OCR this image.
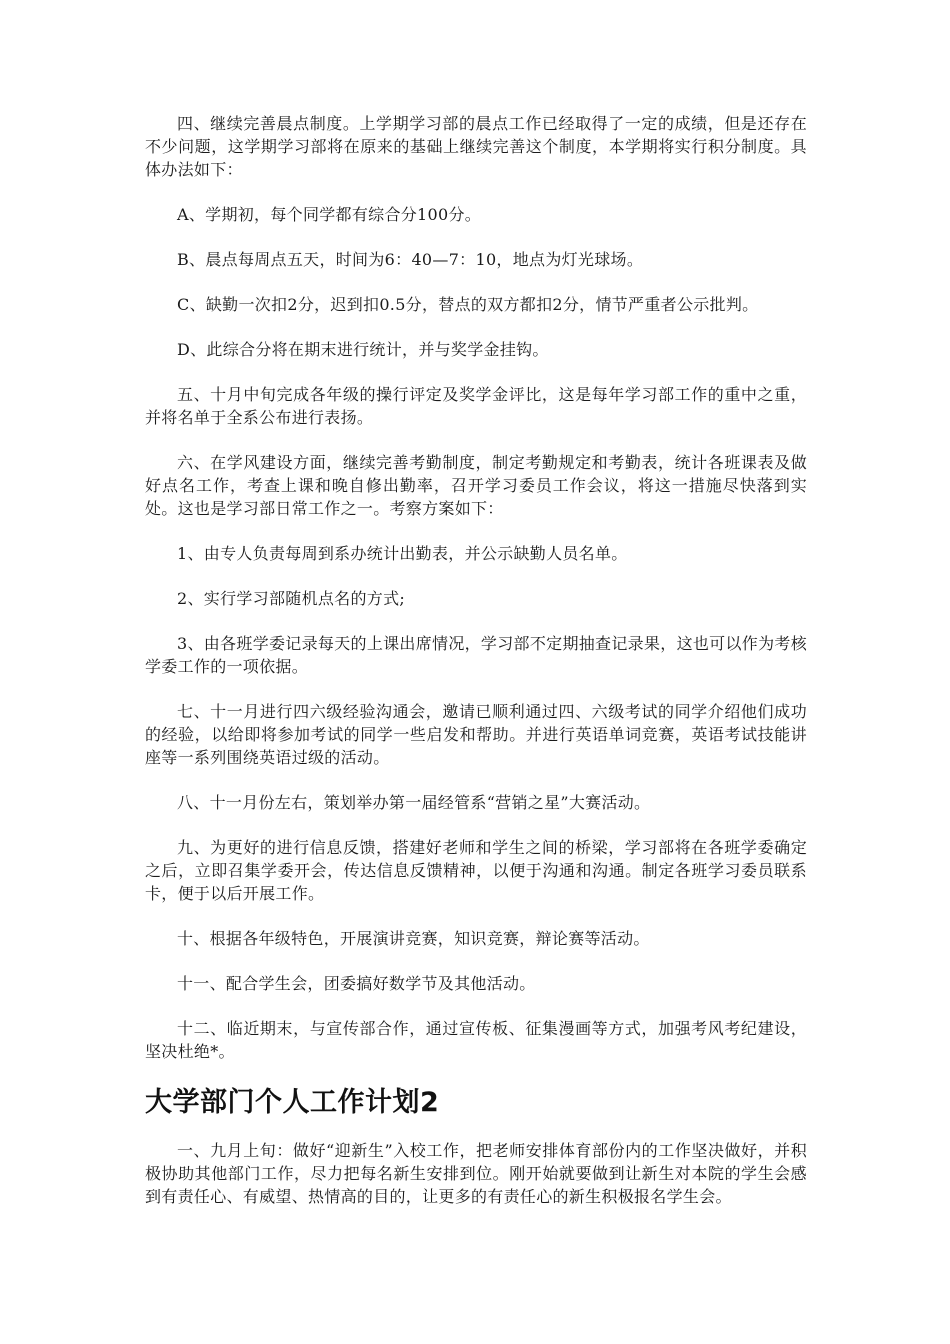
四、继续完善晨点制度。上学期学习部的晨点工作已经取得了一定的成绩，但是还存在不少问题，这学期学习部将在原来的基础上继续完善这个制度，本学期将实行积分制度。具体办法如下：

A、学期初，每个同学都有综合分100分。

B、晨点每周点五天，时间为6：40—7：10，地点为灯光球场。

C、缺勤一次扣2分，迟到扣0.5分，替点的双方都扣2分，情节严重者公示批判。

D、此综合分将在期末进行统计，并与奖学金挂钩。

五、十月中旬完成各年级的操行评定及奖学金评比，这是每年学习部工作的重中之重，并将名单于全系公布进行表扬。

六、在学风建设方面，继续完善考勤制度，制定考勤规定和考勤表，统计各班课表及做好点名工作，考查上课和晚自修出勤率，召开学习委员工作会议，将这一措施尽快落到实处。这也是学习部日常工作之一。考察方案如下：

1、由专人负责每周到系办统计出勤表，并公示缺勤人员名单。

2、实行学习部随机点名的方式;

3、由各班学委记录每天的上课出席情况，学习部不定期抽查记录果，这也可以作为考核学委工作的一项依据。

七、十一月进行四六级经验沟通会，邀请已顺利通过四、六级考试的同学介绍他们成功的经验，以给即将参加考试的同学一些启发和帮助。并进行英语单词竞赛，英语考试技能讲座等一系列围绕英语过级的活动。

八、十一月份左右，策划举办第一届经管系“营销之星”大赛活动。

九、为更好的进行信息反馈，搭建好老师和学生之间的桥梁，学习部将在各班学委确定之后，立即召集学委开会，传达信息反馈精神，以便于沟通和沟通。制定各班学习委员联系卡，便于以后开展工作。

十、根据各年级特色，开展演讲竞赛，知识竞赛，辩论赛等活动。

十一、配合学生会，团委搞好数学节及其他活动。

十二、临近期末，与宣传部合作，通过宣传板、征集漫画等方式，加强考风考纪建设，坚决杜绝*。

大学部门个人工作计划2

一、九月上旬：做好“迎新生”入校工作，把老师安排体育部份内的工作坚决做好，并积极协助其他部门工作，尽力把每名新生安排到位。刚开始就要做到让新生对本院的学生会感到有责任心、有威望、热情高的目的，让更多的有责任心的新生积极报名学生会。
